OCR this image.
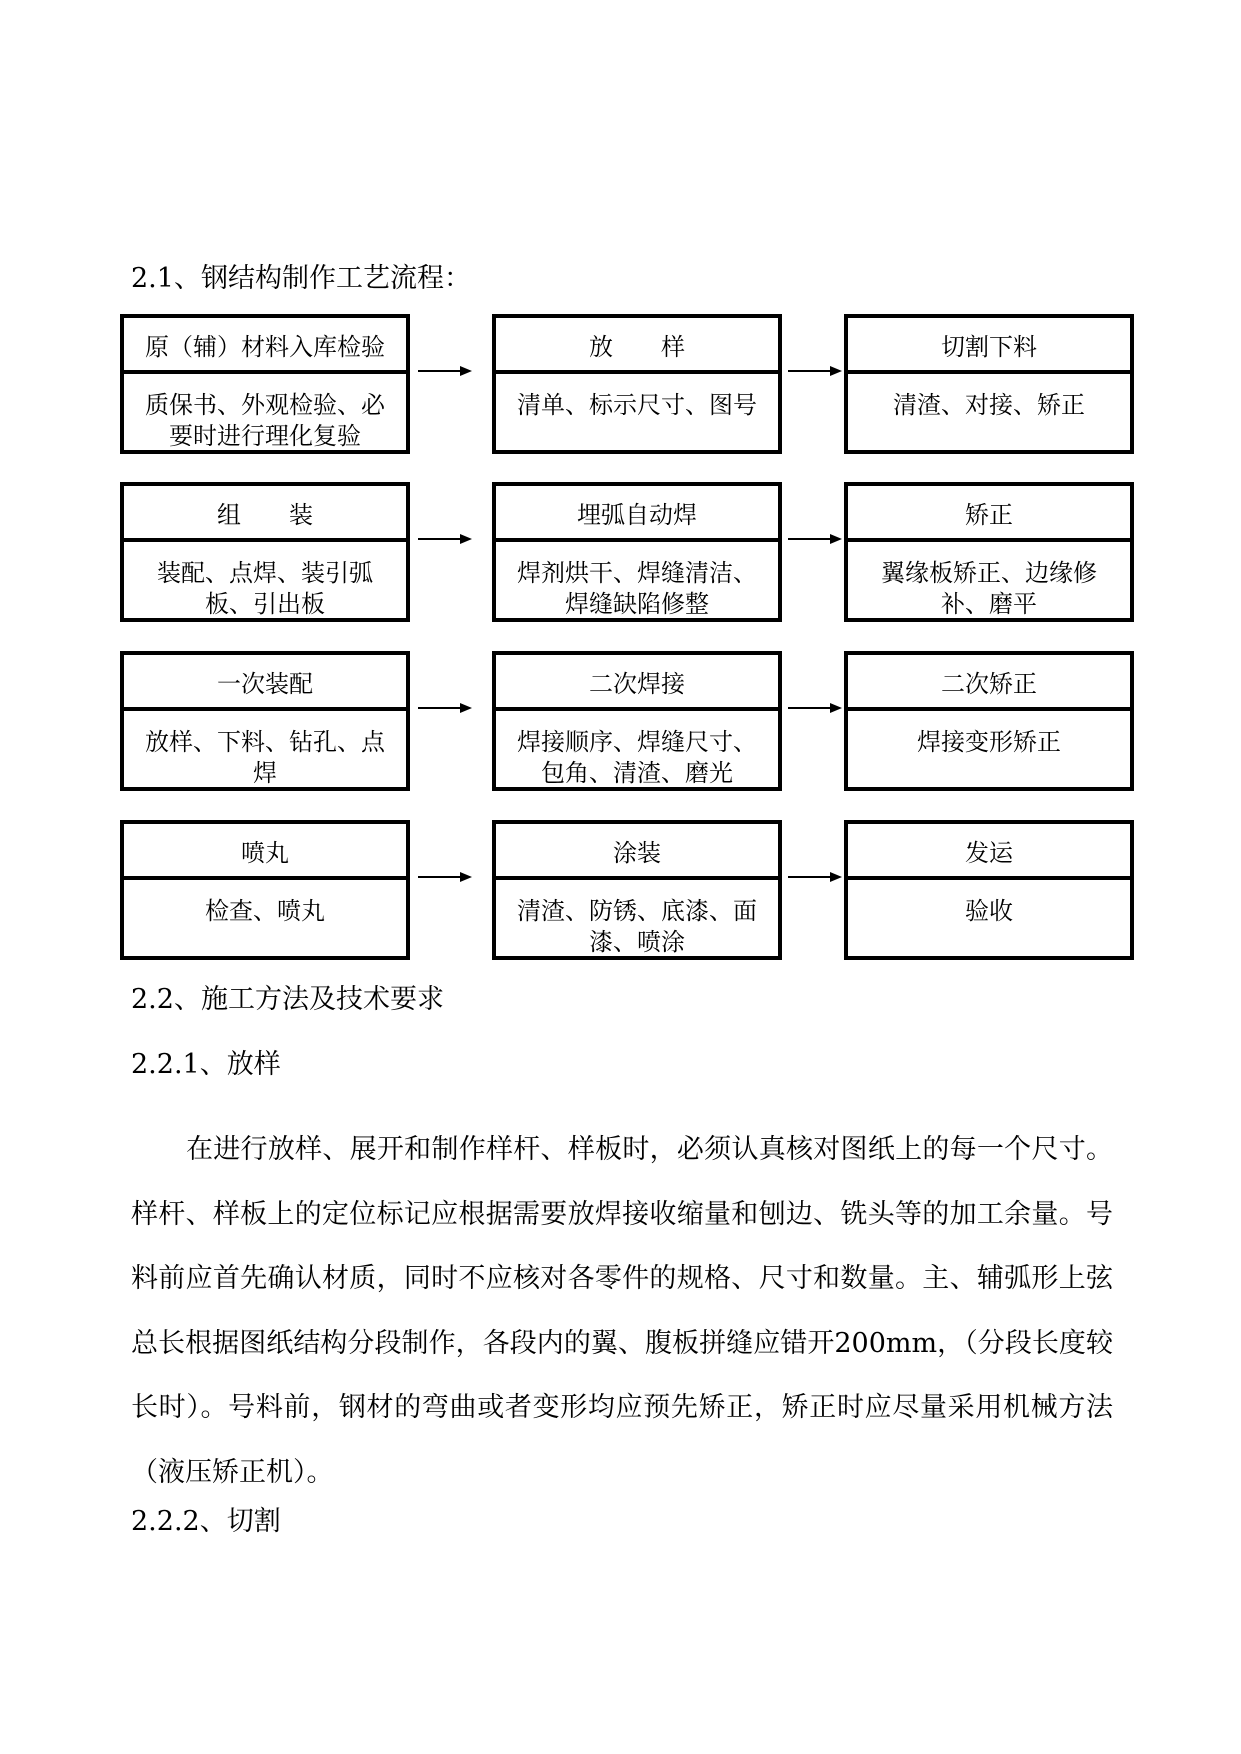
2.1、钢结构制作工艺流程：
原（辅）材料入库检验
质保书、外观检验、必要时进行理化复验
放　　样
清单、标示尺寸、图号
切割下料
清渣、对接、矫正
组　　装
装配、点焊、装引弧板、引出板
埋弧自动焊
焊剂烘干、焊缝清洁、焊缝缺陷修整
矫正
翼缘板矫正、边缘修补、磨平
一次装配
放样、下料、钻孔、点焊
二次焊接
焊接顺序、焊缝尺寸、包角、清渣、磨光
二次矫正
焊接变形矫正
喷丸
检查、喷丸
涂装
清渣、防锈、底漆、面漆、喷涂
发运
验收
2.2、施工方法及技术要求
2.2.1、放样

在进行放样、展开和制作样杆、样板时，必须认真核对图纸上的每一个尺寸。样杆、样板上的定位标记应根据需要放焊接收缩量和刨边、铣头等的加工余量。号料前应首先确认材质，同时不应核对各零件的规格、尺寸和数量。主、辅弧形上弦总长根据图纸结构分段制作，各段内的翼、腹板拼缝应错开200mm，（分段长度较长时）。号料前，钢材的弯曲或者变形均应预先矫正，矫正时应尽量采用机械方法（液压矫正机）。

2.2.2、切割
